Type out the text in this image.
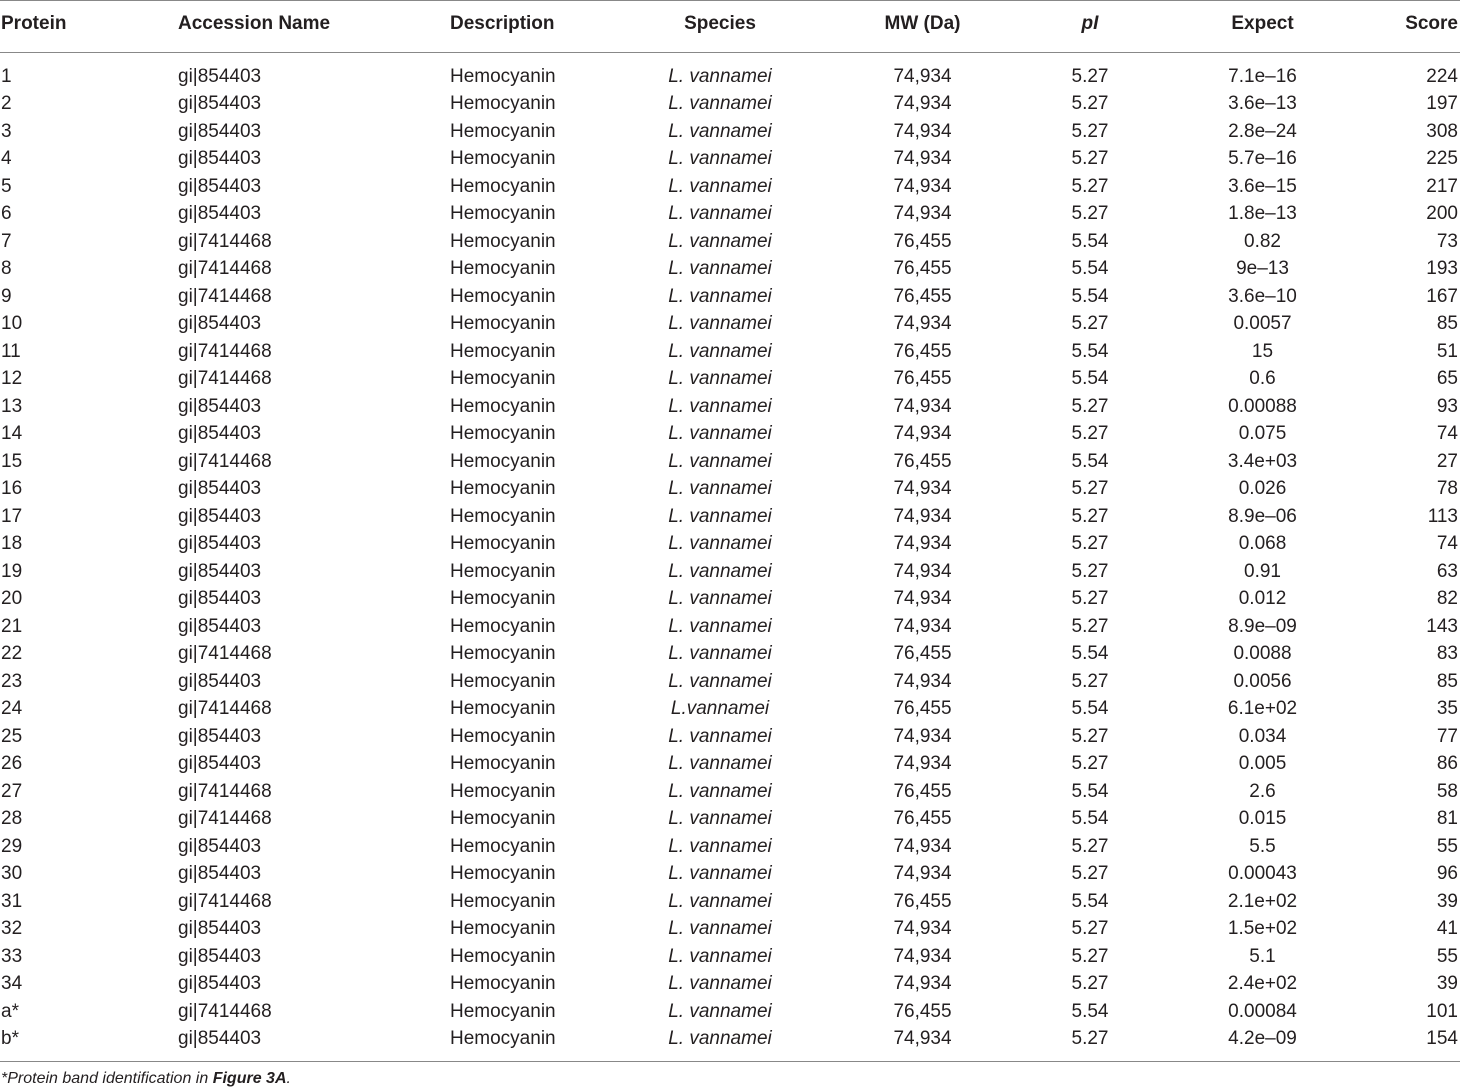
Protein	Accession Name	Description	Species	MW (Da)	pI	Expect	Score
1	gi|854403	Hemocyanin	L. vannamei	74,934	5.27	7.1e–16	224
2	gi|854403	Hemocyanin	L. vannamei	74,934	5.27	3.6e–13	197
3	gi|854403	Hemocyanin	L. vannamei	74,934	5.27	2.8e–24	308
4	gi|854403	Hemocyanin	L. vannamei	74,934	5.27	5.7e–16	225
5	gi|854403	Hemocyanin	L. vannamei	74,934	5.27	3.6e–15	217
6	gi|854403	Hemocyanin	L. vannamei	74,934	5.27	1.8e–13	200
7	gi|7414468	Hemocyanin	L. vannamei	76,455	5.54	0.82	73
8	gi|7414468	Hemocyanin	L. vannamei	76,455	5.54	9e–13	193
9	gi|7414468	Hemocyanin	L. vannamei	76,455	5.54	3.6e–10	167
10	gi|854403	Hemocyanin	L. vannamei	74,934	5.27	0.0057	85
11	gi|7414468	Hemocyanin	L. vannamei	76,455	5.54	15	51
12	gi|7414468	Hemocyanin	L. vannamei	76,455	5.54	0.6	65
13	gi|854403	Hemocyanin	L. vannamei	74,934	5.27	0.00088	93
14	gi|854403	Hemocyanin	L. vannamei	74,934	5.27	0.075	74
15	gi|7414468	Hemocyanin	L. vannamei	76,455	5.54	3.4e+03	27
16	gi|854403	Hemocyanin	L. vannamei	74,934	5.27	0.026	78
17	gi|854403	Hemocyanin	L. vannamei	74,934	5.27	8.9e–06	113
18	gi|854403	Hemocyanin	L. vannamei	74,934	5.27	0.068	74
19	gi|854403	Hemocyanin	L. vannamei	74,934	5.27	0.91	63
20	gi|854403	Hemocyanin	L. vannamei	74,934	5.27	0.012	82
21	gi|854403	Hemocyanin	L. vannamei	74,934	5.27	8.9e–09	143
22	gi|7414468	Hemocyanin	L. vannamei	76,455	5.54	0.0088	83
23	gi|854403	Hemocyanin	L. vannamei	74,934	5.27	0.0056	85
24	gi|7414468	Hemocyanin	L.vannamei	76,455	5.54	6.1e+02	35
25	gi|854403	Hemocyanin	L. vannamei	74,934	5.27	0.034	77
26	gi|854403	Hemocyanin	L. vannamei	74,934	5.27	0.005	86
27	gi|7414468	Hemocyanin	L. vannamei	76,455	5.54	2.6	58
28	gi|7414468	Hemocyanin	L. vannamei	76,455	5.54	0.015	81
29	gi|854403	Hemocyanin	L. vannamei	74,934	5.27	5.5	55
30	gi|854403	Hemocyanin	L. vannamei	74,934	5.27	0.00043	96
31	gi|7414468	Hemocyanin	L. vannamei	76,455	5.54	2.1e+02	39
32	gi|854403	Hemocyanin	L. vannamei	74,934	5.27	1.5e+02	41
33	gi|854403	Hemocyanin	L. vannamei	74,934	5.27	5.1	55
34	gi|854403	Hemocyanin	L. vannamei	74,934	5.27	2.4e+02	39
a*	gi|7414468	Hemocyanin	L. vannamei	76,455	5.54	0.00084	101
b*	gi|854403	Hemocyanin	L. vannamei	74,934	5.27	4.2e–09	154
*Protein band identification in Figure 3A.
